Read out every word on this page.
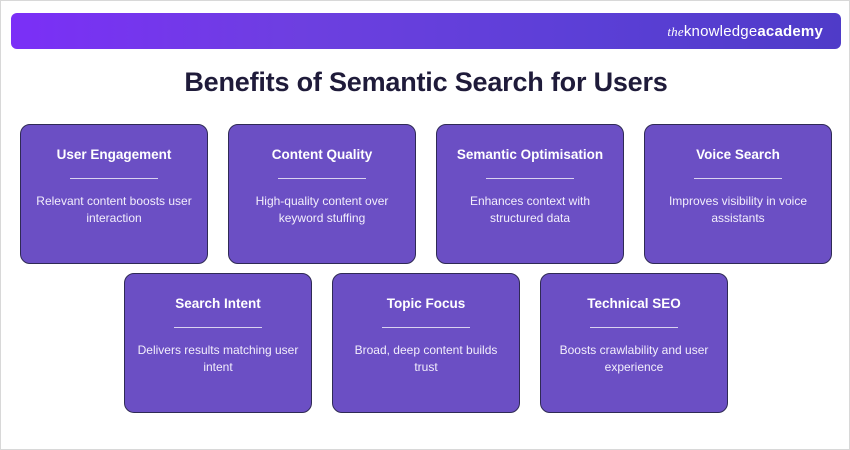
theknowledgeacademy
Benefits of Semantic Search for Users
User Engagement
Relevant content boosts user interaction
Content Quality
High-quality content over keyword stuffing
Semantic Optimisation
Enhances context with structured data
Voice Search
Improves visibility in voice assistants
Search Intent
Delivers results matching user intent
Topic Focus
Broad, deep content builds trust
Technical SEO
Boosts crawlability and user experience
